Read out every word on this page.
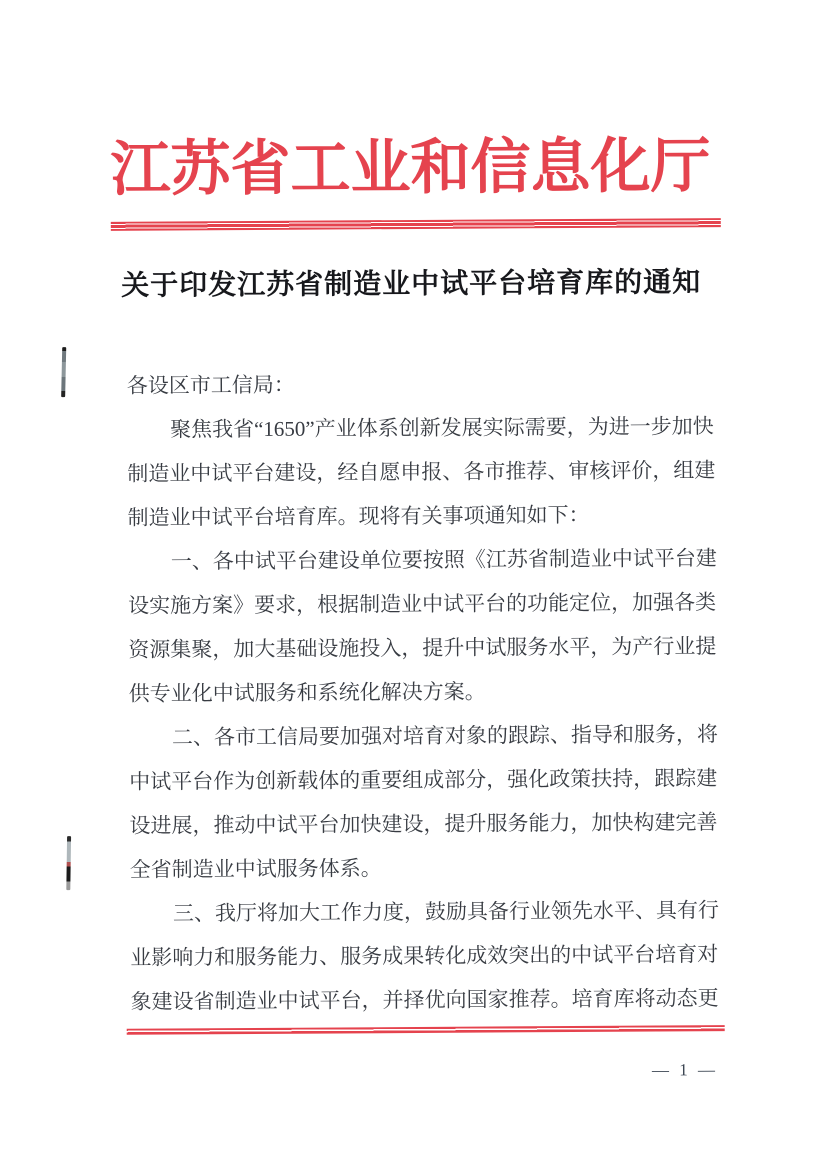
江苏省工业和信息化厅
关于印发江苏省制造业中试平台培育库的通知
各设区市工信局：
聚焦我省“1650”产业体系创新发展实际需要，为进一步加快
制造业中试平台建设，经自愿申报、各市推荐、审核评价，组建
制造业中试平台培育库。现将有关事项通知如下：
一、各中试平台建设单位要按照《江苏省制造业中试平台建
设实施方案》要求，根据制造业中试平台的功能定位，加强各类
资源集聚，加大基础设施投入，提升中试服务水平，为产行业提
供专业化中试服务和系统化解决方案。
二、各市工信局要加强对培育对象的跟踪、指导和服务，将
中试平台作为创新载体的重要组成部分，强化政策扶持，跟踪建
设进展，推动中试平台加快建设，提升服务能力，加快构建完善
全省制造业中试服务体系。
三、我厅将加大工作力度，鼓励具备行业领先水平、具有行
业影响力和服务能力、服务成果转化成效突出的中试平台培育对
象建设省制造业中试平台，并择优向国家推荐。培育库将动态更
— 1 —
